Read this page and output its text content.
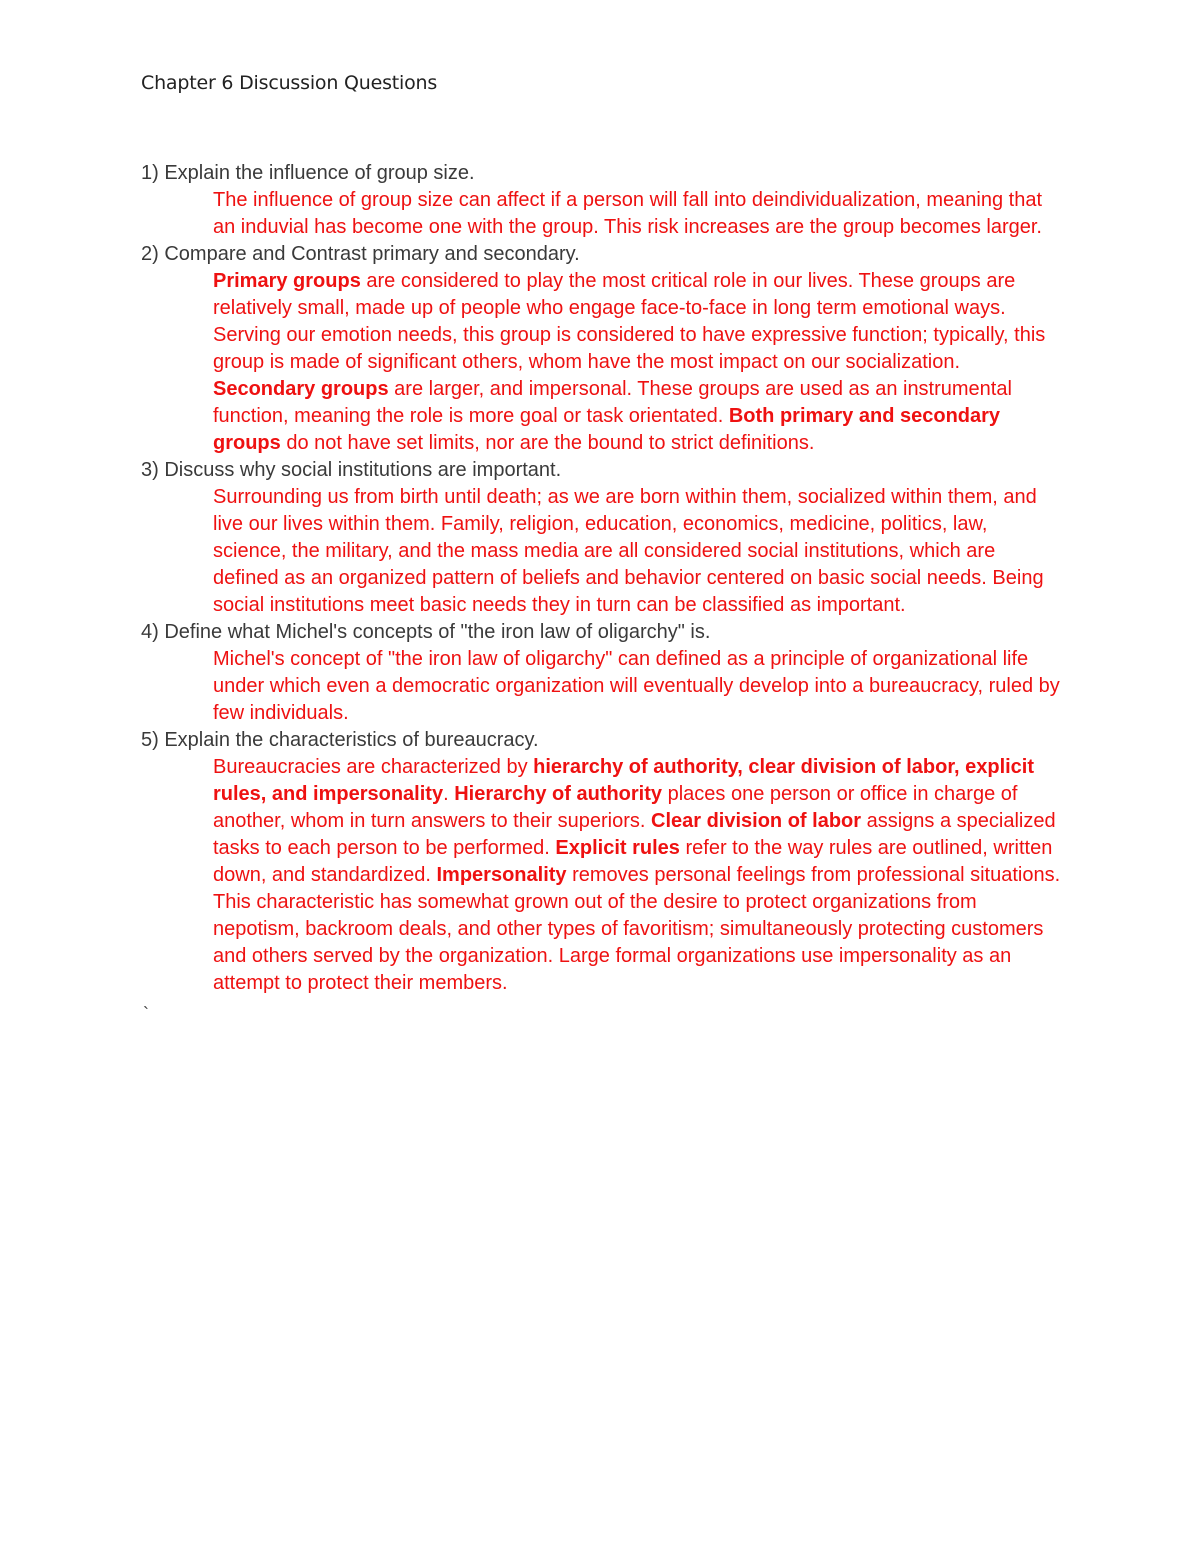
Chapter 6 Discussion Questions

1) Explain the influence of group size.

The influence of group size can affect if a person will fall into deindividualization, meaning that an induvial has become one with the group. This risk increases are the group becomes larger.

2) Compare and Contrast primary and secondary.

Primary groups are considered to play the most critical role in our lives. These groups are relatively small, made up of people who engage face-to-face in long term emotional ways. Serving our emotion needs, this group is considered to have expressive function; typically, this group is made of significant others, whom have the most impact on our socialization. Secondary groups are larger, and impersonal. These groups are used as an instrumental function, meaning the role is more goal or task orientated. Both primary and secondary groups do not have set limits, nor are the bound to strict definitions.

3) Discuss why social institutions are important.

Surrounding us from birth until death; as we are born within them, socialized within them, and live our lives within them. Family, religion, education, economics, medicine, politics, law, science, the military, and the mass media are all considered social institutions, which are defined as an organized pattern of beliefs and behavior centered on basic social needs. Being social institutions meet basic needs they in turn can be classified as important.

4) Define what Michel's concepts of "the iron law of oligarchy" is.

Michel's concept of "the iron law of oligarchy" can defined as a principle of organizational life under which even a democratic organization will eventually develop into a bureaucracy, ruled by few individuals.

5) Explain the characteristics of bureaucracy.

Bureaucracies are characterized by hierarchy of authority, clear division of labor, explicit rules, and impersonality. Hierarchy of authority places one person or office in charge of another, whom in turn answers to their superiors. Clear division of labor assigns a specialized tasks to each person to be performed. Explicit rules refer to the way rules are outlined, written down, and standardized. Impersonality removes personal feelings from professional situations. This characteristic has somewhat grown out of the desire to protect organizations from nepotism, backroom deals, and other types of favoritism; simultaneously protecting customers and others served by the organization. Large formal organizations use impersonality as an attempt to protect their members.

`
